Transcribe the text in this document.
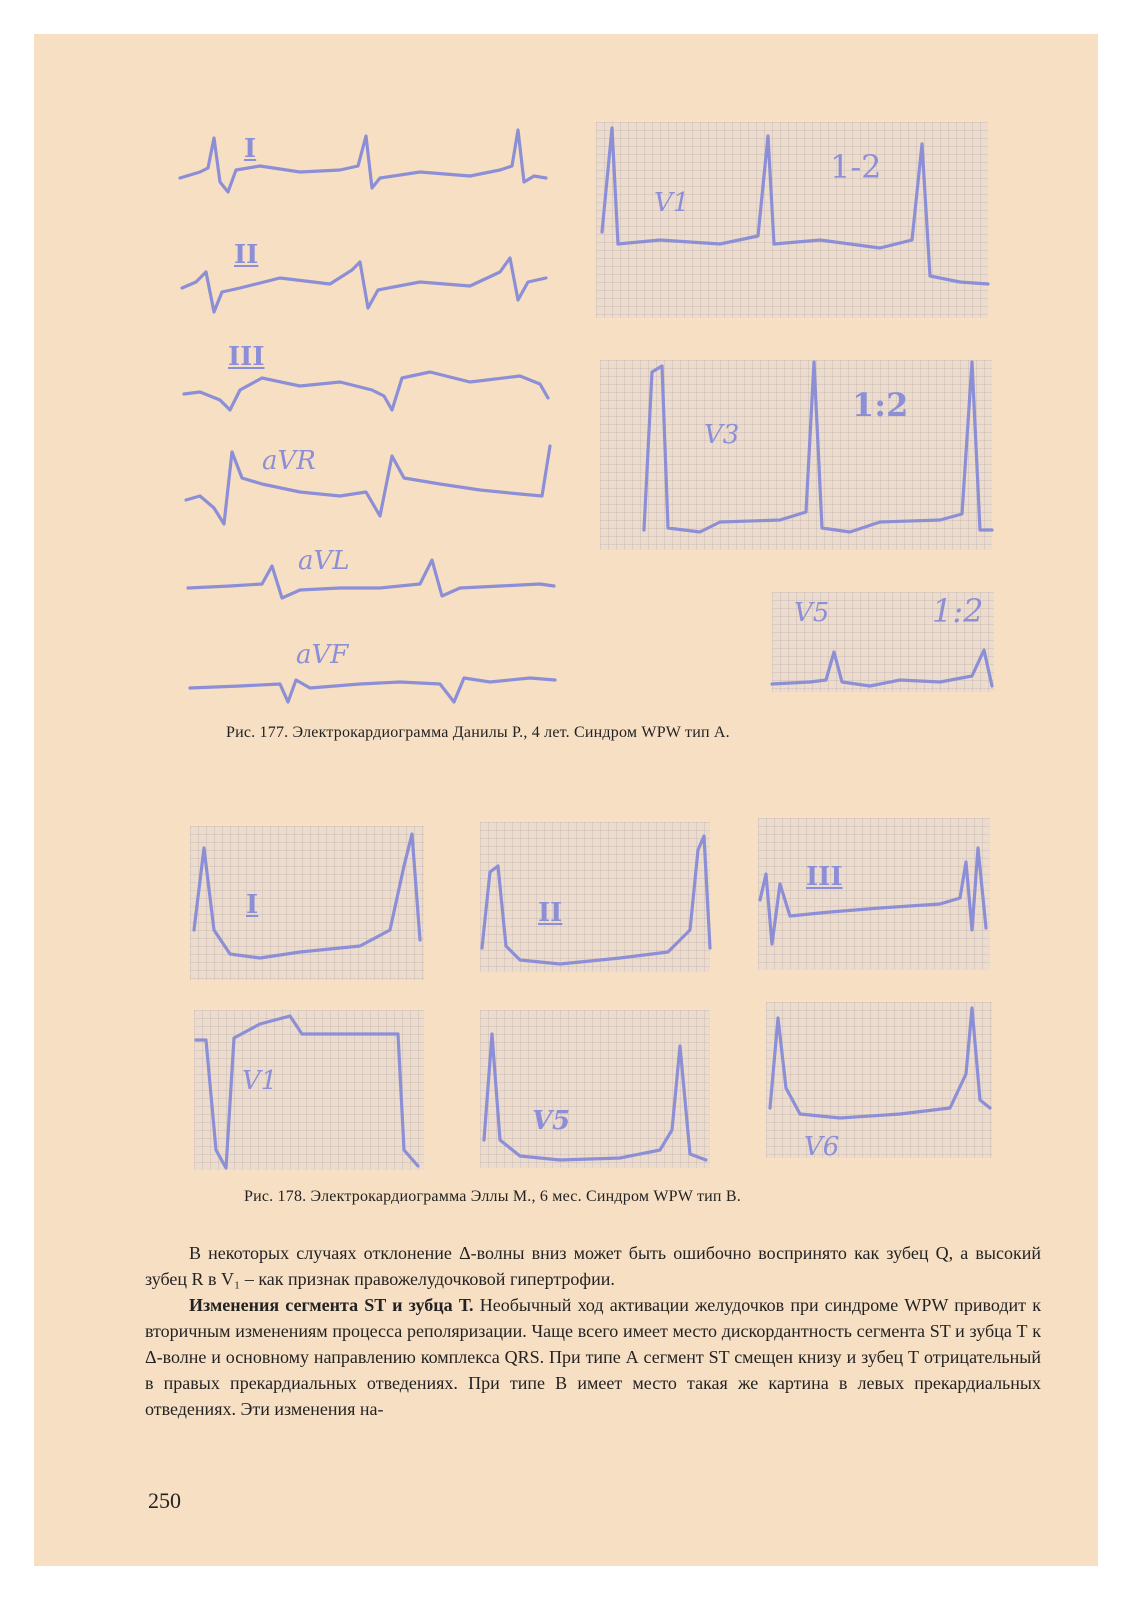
I
II
III
aVR
aVL
aVF
V1
1-2
V3
1:2
V5	1:2
Рис. 177. Электрокардиограмма Данилы Р., 4 лет. Синдром WPW тип А.
I	II
III
V1
V5
V6
Рис. 178. Электрокардиограмма Эллы М., 6 мес. Синдром WPW тип В.

В некоторых случаях отклонение Δ-волны вниз может быть ошибочно воспринято как зубец Q, а высокий зубец R в V₁ – как признак правожелудочковой гипертрофии.

Изменения сегмента ST и зубца Т. Необычный ход активации желудочков при синдроме WPW приводит к вторичным изменениям процесса реполяризации. Чаще всего имеет место дискордантность сегмента ST и зубца Т к Δ-волне и основному направлению комплекса QRS. При типе А сегмент ST смещен книзу и зубец Т отрицательный в правых прекардиальных отведениях. При типе В имеет место такая же картина в левых прекардиальных отведениях. Эти изменения на-

250
